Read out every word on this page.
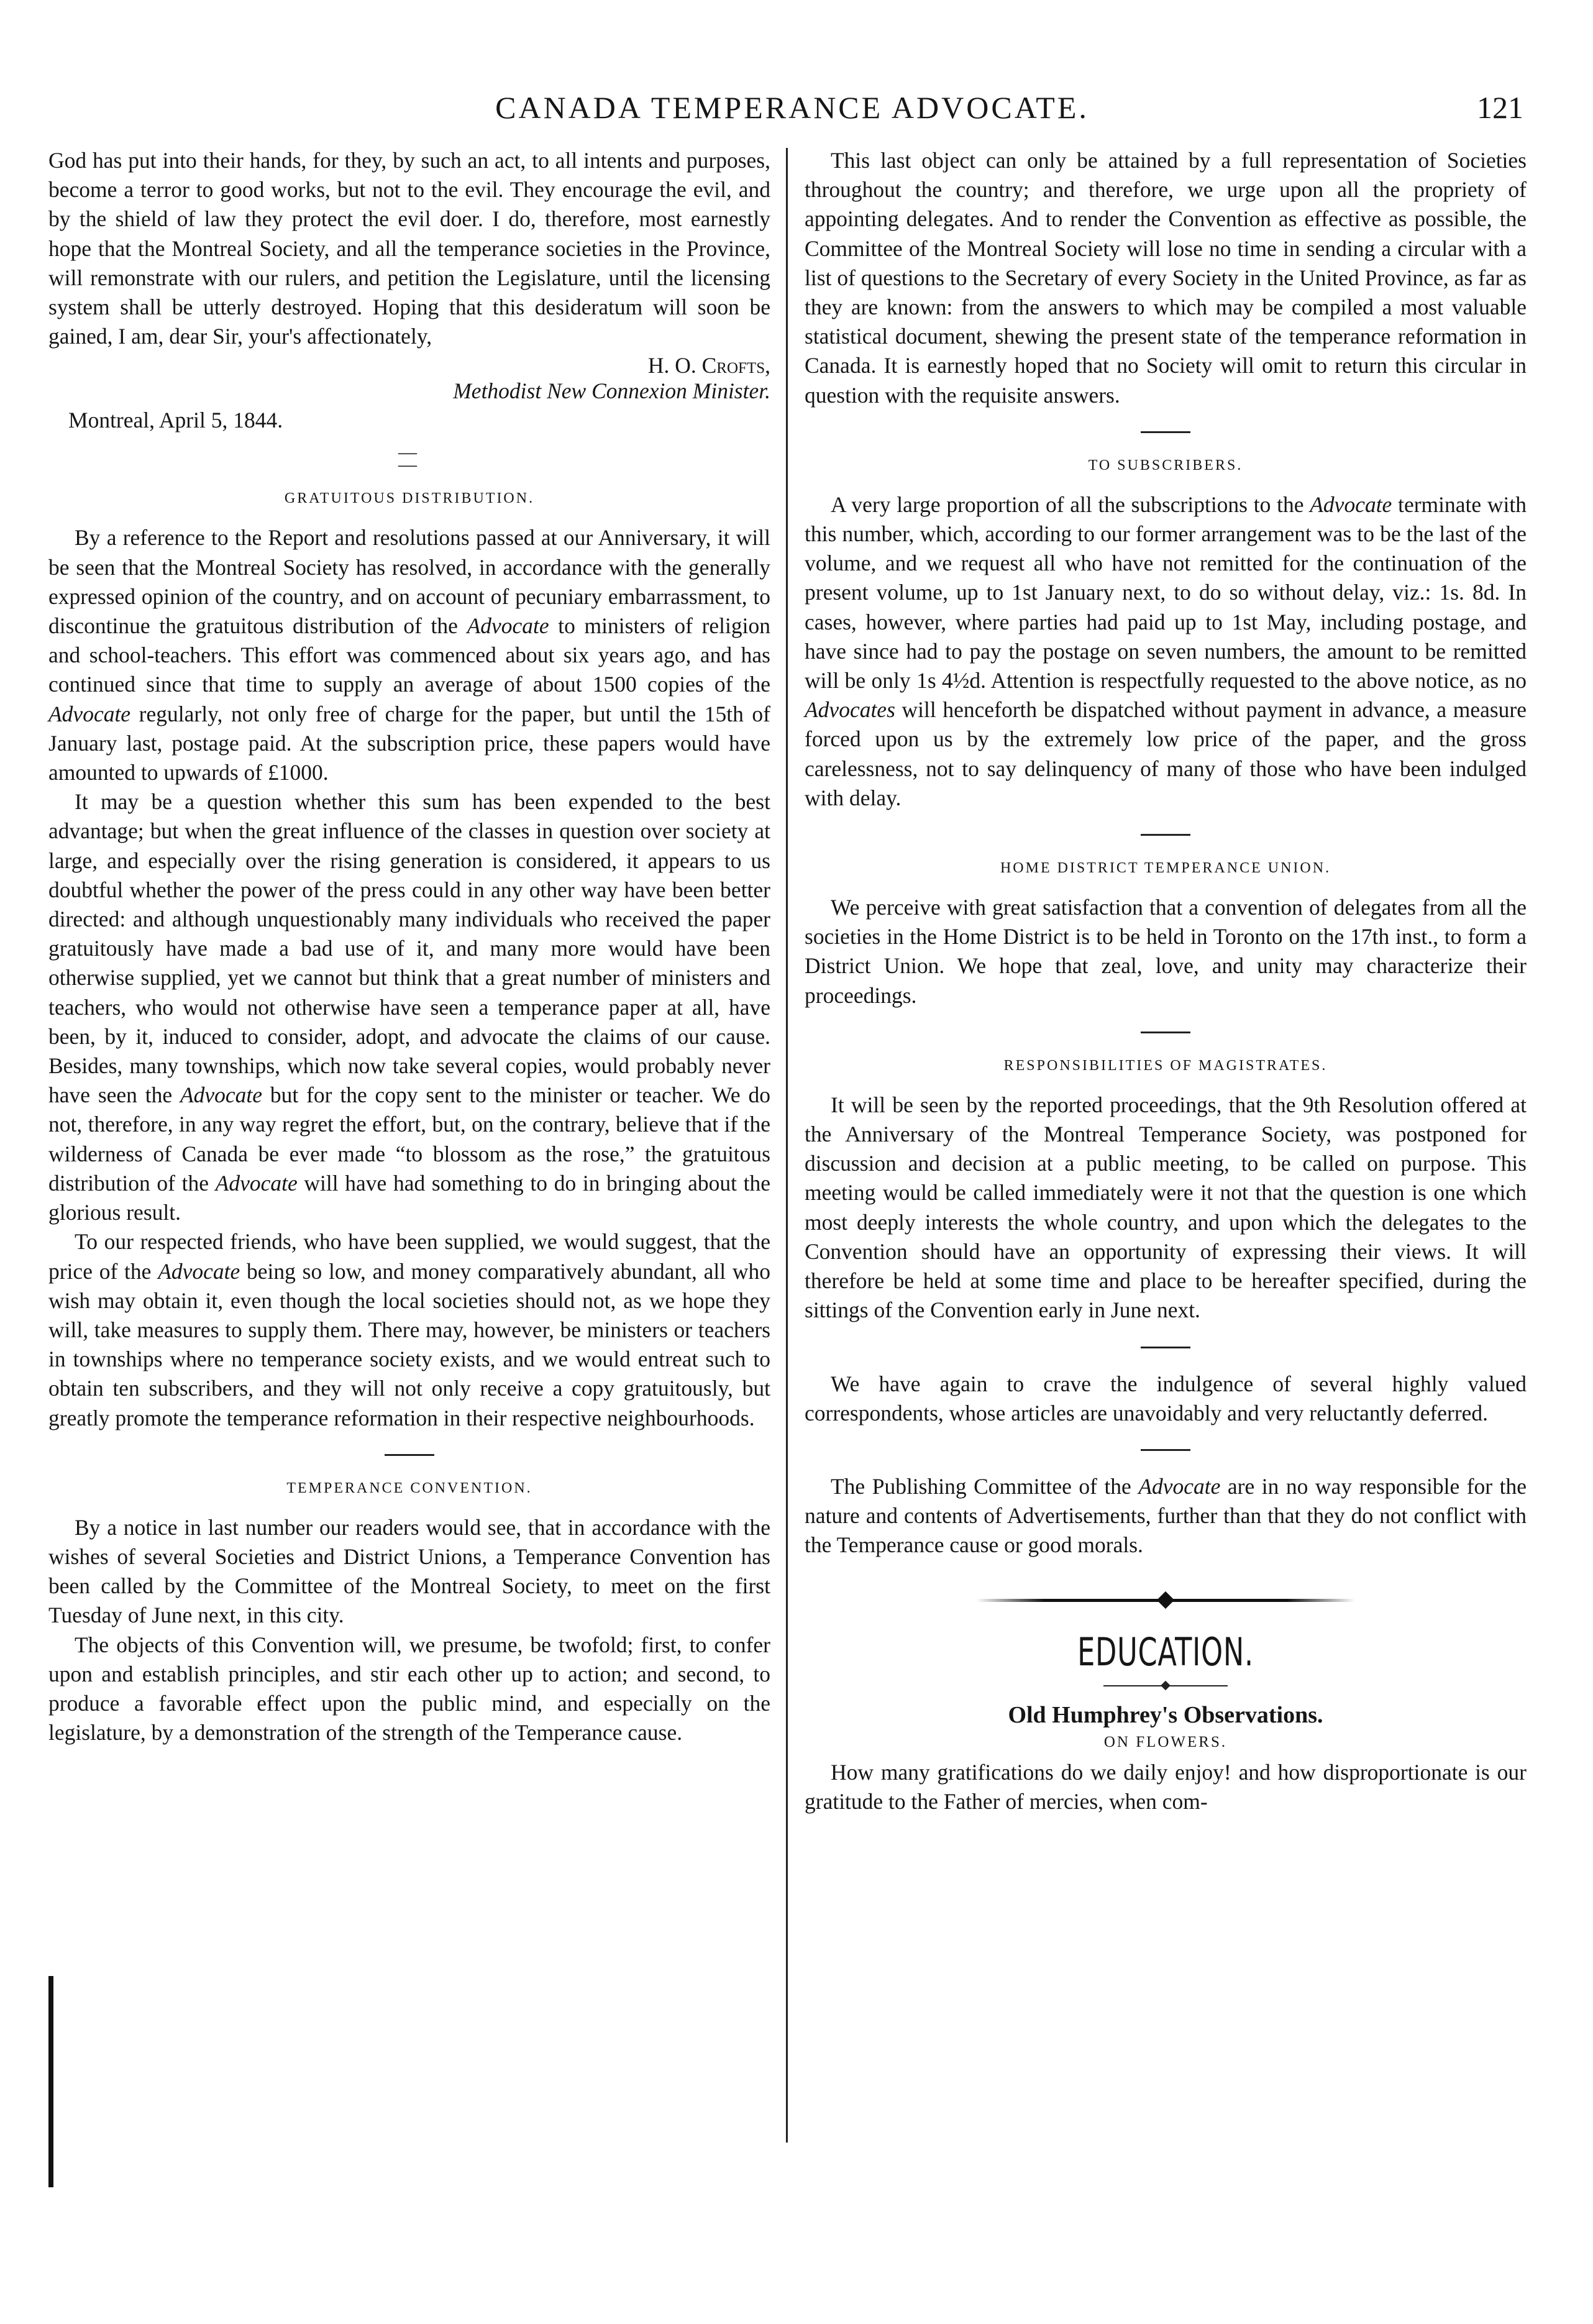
CANADA TEMPERANCE ADVOCATE.	121

God has put into their hands, for they, by such an act, to all intents and purposes, become a terror to good works, but not to the evil. They encourage the evil, and by the shield of law they protect the evil doer. I do, therefore, most earnestly hope that the Montreal Society, and all the temperance societies in the Province, will remonstrate with our rulers, and petition the Legislature, until the licensing system shall be utterly destroyed. Hoping that this desideratum will soon be gained, I am, dear Sir, your's affectionately,

H. O. Crofts,
Methodist New Connexion Minister.
Montreal, April 5, 1844.
— —
GRATUITOUS DISTRIBUTION.

By a reference to the Report and resolutions passed at our Anniversary, it will be seen that the Montreal Society has resolved, in accordance with the generally expressed opinion of the country, and on account of pecuniary embarrassment, to discontinue the gratuitous distribution of the Advocate to ministers of religion and school-teachers. This effort was commenced about six years ago, and has continued since that time to supply an average of about 1500 copies of the Advocate regularly, not only free of charge for the paper, but until the 15th of January last, postage paid. At the subscription price, these papers would have amounted to upwards of £1000.

It may be a question whether this sum has been expended to the best advantage; but when the great influence of the classes in question over society at large, and especially over the rising generation is considered, it appears to us doubtful whether the power of the press could in any other way have been better directed: and although unquestionably many individuals who received the paper gratuitously have made a bad use of it, and many more would have been otherwise supplied, yet we cannot but think that a great number of ministers and teachers, who would not otherwise have seen a temperance paper at all, have been, by it, induced to consider, adopt, and advocate the claims of our cause. Besides, many townships, which now take several copies, would probably never have seen the Advocate but for the copy sent to the minister or teacher. We do not, therefore, in any way regret the effort, but, on the contrary, believe that if the wilderness of Canada be ever made “to blossom as the rose,” the gratuitous distribution of the Advocate will have had something to do in bringing about the glorious result.

To our respected friends, who have been supplied, we would suggest, that the price of the Advocate being so low, and money comparatively abundant, all who wish may obtain it, even though the local societies should not, as we hope they will, take measures to supply them. There may, however, be ministers or teachers in townships where no temperance society exists, and we would entreat such to obtain ten subscribers, and they will not only receive a copy gratuitously, but greatly promote the temperance reformation in their respective neighbourhoods.

TEMPERANCE CONVENTION.

By a notice in last number our readers would see, that in accordance with the wishes of several Societies and District Unions, a Temperance Convention has been called by the Committee of the Montreal Society, to meet on the first Tuesday of June next, in this city.

The objects of this Convention will, we presume, be twofold; first, to confer upon and establish principles, and stir each other up to action; and second, to produce a favorable effect upon the public mind, and especially on the legislature, by a demonstration of the strength of the Temperance cause.

This last object can only be attained by a full representation of Societies throughout the country; and therefore, we urge upon all the propriety of appointing delegates. And to render the Convention as effective as possible, the Committee of the Montreal Society will lose no time in sending a circular with a list of questions to the Secretary of every Society in the United Province, as far as they are known: from the answers to which may be compiled a most valuable statistical document, shewing the present state of the temperance reformation in Canada. It is earnestly hoped that no Society will omit to return this circular in question with the requisite answers.

TO SUBSCRIBERS.

A very large proportion of all the subscriptions to the Advocate terminate with this number, which, according to our former arrangement was to be the last of the volume, and we request all who have not remitted for the continuation of the present volume, up to 1st January next, to do so without delay, viz.: 1s. 8d. In cases, however, where parties had paid up to 1st May, including postage, and have since had to pay the postage on seven numbers, the amount to be remitted will be only 1s 4½d. Attention is respectfully requested to the above notice, as no Advocates will henceforth be dispatched without payment in advance, a measure forced upon us by the extremely low price of the paper, and the gross carelessness, not to say delinquency of many of those who have been indulged with delay.

HOME DISTRICT TEMPERANCE UNION.

We perceive with great satisfaction that a convention of delegates from all the societies in the Home District is to be held in Toronto on the 17th inst., to form a District Union. We hope that zeal, love, and unity may characterize their proceedings.

RESPONSIBILITIES OF MAGISTRATES.

It will be seen by the reported proceedings, that the 9th Resolution offered at the Anniversary of the Montreal Temperance Society, was postponed for discussion and decision at a public meeting, to be called on purpose. This meeting would be called immediately were it not that the question is one which most deeply interests the whole country, and upon which the delegates to the Convention should have an opportunity of expressing their views. It will therefore be held at some time and place to be hereafter specified, during the sittings of the Convention early in June next.

We have again to crave the indulgence of several highly valued correspondents, whose articles are unavoidably and very reluctantly deferred.

The Publishing Committee of the Advocate are in no way responsible for the nature and contents of Advertisements, further than that they do not conflict with the Temperance cause or good morals.

EDUCATION.
Old Humphrey's Observations.
ON FLOWERS.

How many gratifications do we daily enjoy! and how disproportionate is our gratitude to the Father of mercies, when com-
